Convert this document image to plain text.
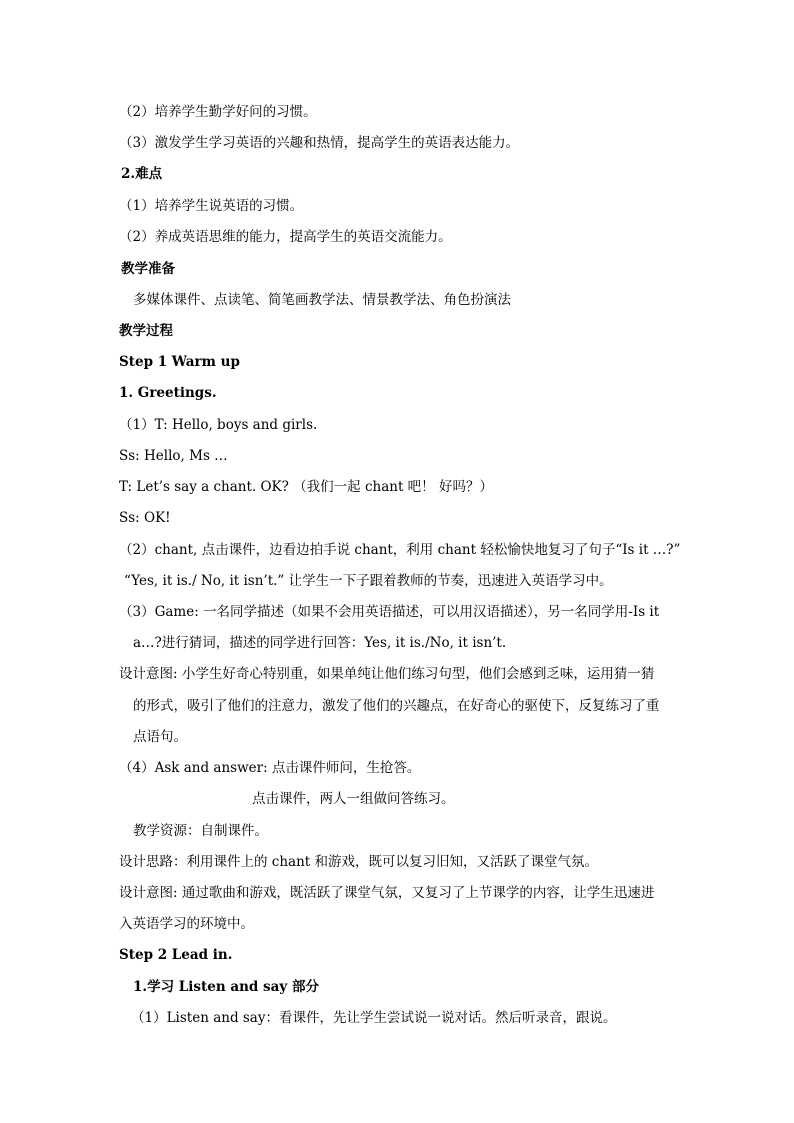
（2）培养学生勤学好问的习惯。
（3）激发学生学习英语的兴趣和热情，提高学生的英语表达能力。
2.难点
（1）培养学生说英语的习惯。
（2）养成英语思维的能力，提高学生的英语交流能力。
教学准备
多媒体课件、点读笔、简笔画教学法、情景教学法、角色扮演法
教学过程
Step 1 Warm up
1. Greetings.
（1）T: Hello, boys and girls.
Ss: Hello, Ms …
T: Let’s say a chant. OK? （我们一起 chant 吧！ 好吗？）
Ss: OK!
（2）chant, 点击课件，边看边拍手说 chant，利用 chant 轻松愉快地复习了句子“Is it …?”
“Yes, it is./ No, it isn’t.” 让学生一下子跟着教师的节奏，迅速进入英语学习中。
（3）Game: 一名同学描述（如果不会用英语描述，可以用汉语描述），另一名同学用-Is it
a…?进行猜词，描述的同学进行回答：Yes, it is./No, it isn’t.
设计意图: 小学生好奇心特别重，如果单纯让他们练习句型，他们会感到乏味，运用猜一猜
的形式，吸引了他们的注意力，激发了他们的兴趣点，在好奇心的驱使下，反复练习了重
点语句。
（4）Ask and answer: 点击课件师问，生抢答。
点击课件，两人一组做问答练习。
教学资源：自制课件。
设计思路：利用课件上的 chant 和游戏，既可以复习旧知，又活跃了课堂气氛。
设计意图: 通过歌曲和游戏，既活跃了课堂气氛，又复习了上节课学的内容，让学生迅速进
入英语学习的环境中。
Step 2 Lead in.
1.学习 Listen and say 部分
（1）Listen and say：看课件，先让学生尝试说一说对话。然后听录音，跟说。
